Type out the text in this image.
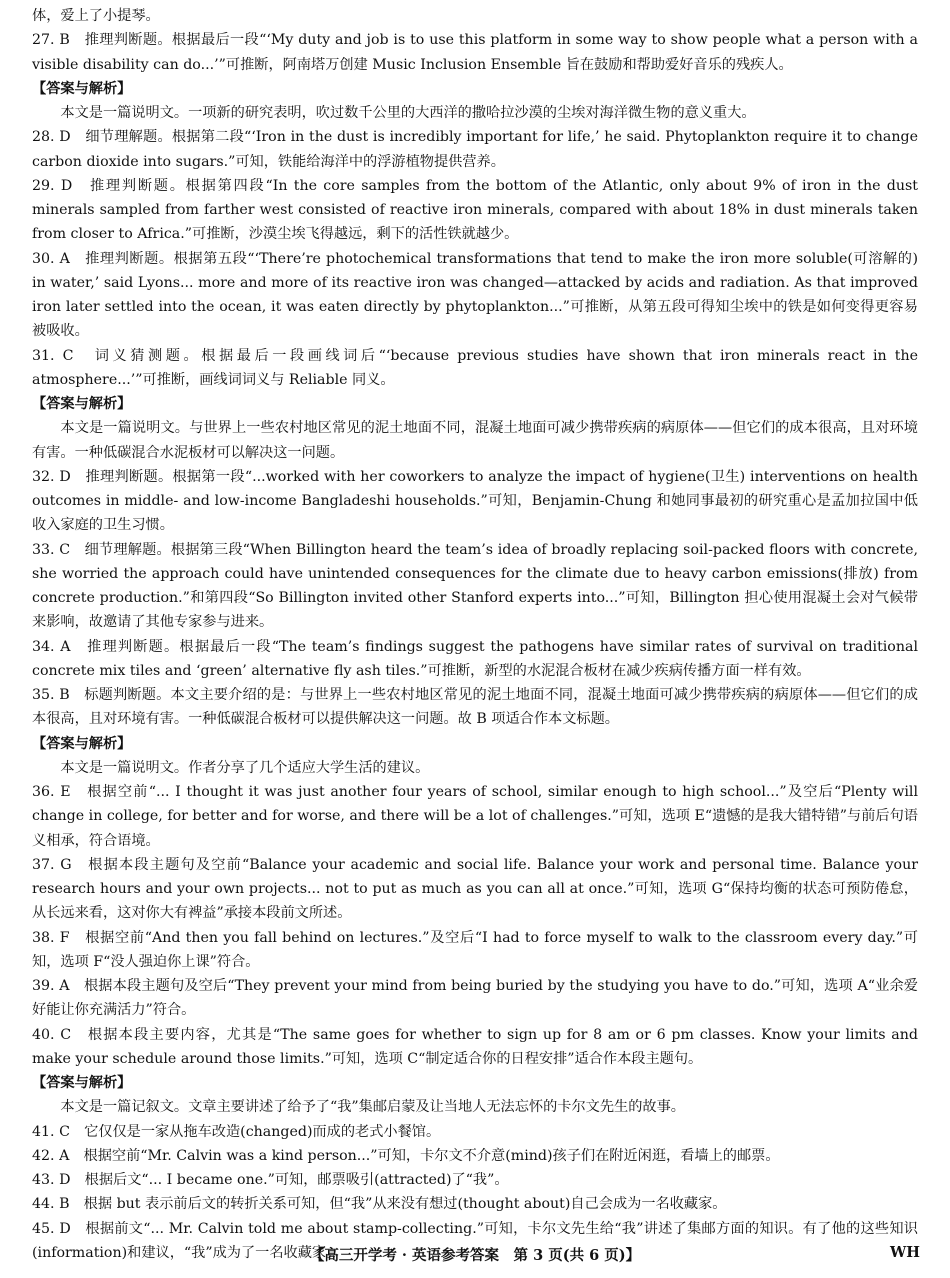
体，爱上了小提琴。

27. B　推理判断题。根据最后一段“‘My duty and job is to use this platform in some way to show people what a person with a visible disability can do...’”可推断，阿南塔万创建 Music Inclusion Ensemble 旨在鼓励和帮助爱好音乐的残疾人。

【答案与解析】

本文是一篇说明文。一项新的研究表明，吹过数千公里的大西洋的撒哈拉沙漠的尘埃对海洋微生物的意义重大。

28. D　细节理解题。根据第二段“‘Iron in the dust is incredibly important for life,’ he said. Phytoplankton require it to change carbon dioxide into sugars.”可知，铁能给海洋中的浮游植物提供营养。

29. D　推理判断题。根据第四段“In the core samples from the bottom of the Atlantic, only about 9% of iron in the dust minerals sampled from farther west consisted of reactive iron minerals, compared with about 18% in dust minerals taken from closer to Africa.”可推断，沙漠尘埃飞得越远，剩下的活性铁就越少。

30. A　推理判断题。根据第五段“‘There’re photochemical transformations that tend to make the iron more soluble(可溶解的) in water,’ said Lyons... more and more of its reactive iron was changed—attacked by acids and radiation. As that improved iron later settled into the ocean, it was eaten directly by phytoplankton...”可推断，从第五段可得知尘埃中的铁是如何变得更容易被吸收。

31. C　词义猜测题。根据最后一段画线词后“‘because previous studies have shown that iron minerals react in the atmosphere...’”可推断，画线词词义与 Reliable 同义。

【答案与解析】

本文是一篇说明文。与世界上一些农村地区常见的泥土地面不同，混凝土地面可减少携带疾病的病原体——但它们的成本很高，且对环境有害。一种低碳混合水泥板材可以解决这一问题。

32. D　推理判断题。根据第一段“...worked with her coworkers to analyze the impact of hygiene(卫生) interventions on health outcomes in middle- and low-income Bangladeshi households.”可知，Benjamin-Chung 和她同事最初的研究重心是孟加拉国中低收入家庭的卫生习惯。

33. C　细节理解题。根据第三段“When Billington heard the team’s idea of broadly replacing soil-packed floors with concrete, she worried the approach could have unintended consequences for the climate due to heavy carbon emissions(排放) from concrete production.”和第四段“So Billington invited other Stanford experts into...”可知，Billington 担心使用混凝土会对气候带来影响，故邀请了其他专家参与进来。

34. A　推理判断题。根据最后一段“The team’s findings suggest the pathogens have similar rates of survival on traditional concrete mix tiles and ‘green’ alternative fly ash tiles.”可推断，新型的水泥混合板材在减少疾病传播方面一样有效。

35. B　标题判断题。本文主要介绍的是：与世界上一些农村地区常见的泥土地面不同，混凝土地面可减少携带疾病的病原体——但它们的成本很高，且对环境有害。一种低碳混合板材可以提供解决这一问题。故 B 项适合作本文标题。

【答案与解析】

本文是一篇说明文。作者分享了几个适应大学生活的建议。

36. E　根据空前“... I thought it was just another four years of school, similar enough to high school...”及空后“Plenty will change in college, for better and for worse, and there will be a lot of challenges.”可知，选项 E“遗憾的是我大错特错”与前后句语义相承，符合语境。

37. G　根据本段主题句及空前“Balance your academic and social life. Balance your work and personal time. Balance your research hours and your own projects... not to put as much as you can all at once.”可知，选项 G“保持均衡的状态可预防倦怠，从长远来看，这对你大有裨益”承接本段前文所述。

38. F　根据空前“And then you fall behind on lectures.”及空后“I had to force myself to walk to the classroom every day.”可知，选项 F“没人强迫你上课”符合。

39. A　根据本段主题句及空后“They prevent your mind from being buried by the studying you have to do.”可知，选项 A“业余爱好能让你充满活力”符合。

40. C　根据本段主要内容，尤其是“The same goes for whether to sign up for 8 am or 6 pm classes. Know your limits and make your schedule around those limits.”可知，选项 C“制定适合你的日程安排”适合作本段主题句。

【答案与解析】

本文是一篇记叙文。文章主要讲述了给予了“我”集邮启蒙及让当地人无法忘怀的卡尔文先生的故事。

41. C　它仅仅是一家从拖车改造(changed)而成的老式小餐馆。

42. A　根据空前“Mr. Calvin was a kind person...”可知，卡尔文不介意(mind)孩子们在附近闲逛，看墙上的邮票。

43. D　根据后文“... I became one.”可知，邮票吸引(attracted)了“我”。

44. B　根据 but 表示前后文的转折关系可知，但“我”从来没有想过(thought about)自己会成为一名收藏家。

45. D　根据前文“... Mr. Calvin told me about stamp-collecting.”可知，卡尔文先生给“我”讲述了集邮方面的知识。有了他的这些知识(information)和建议，“我”成为了一名收藏家。

【高三开学考 · 英语参考答案　第 3 页(共 6 页)】	WH
